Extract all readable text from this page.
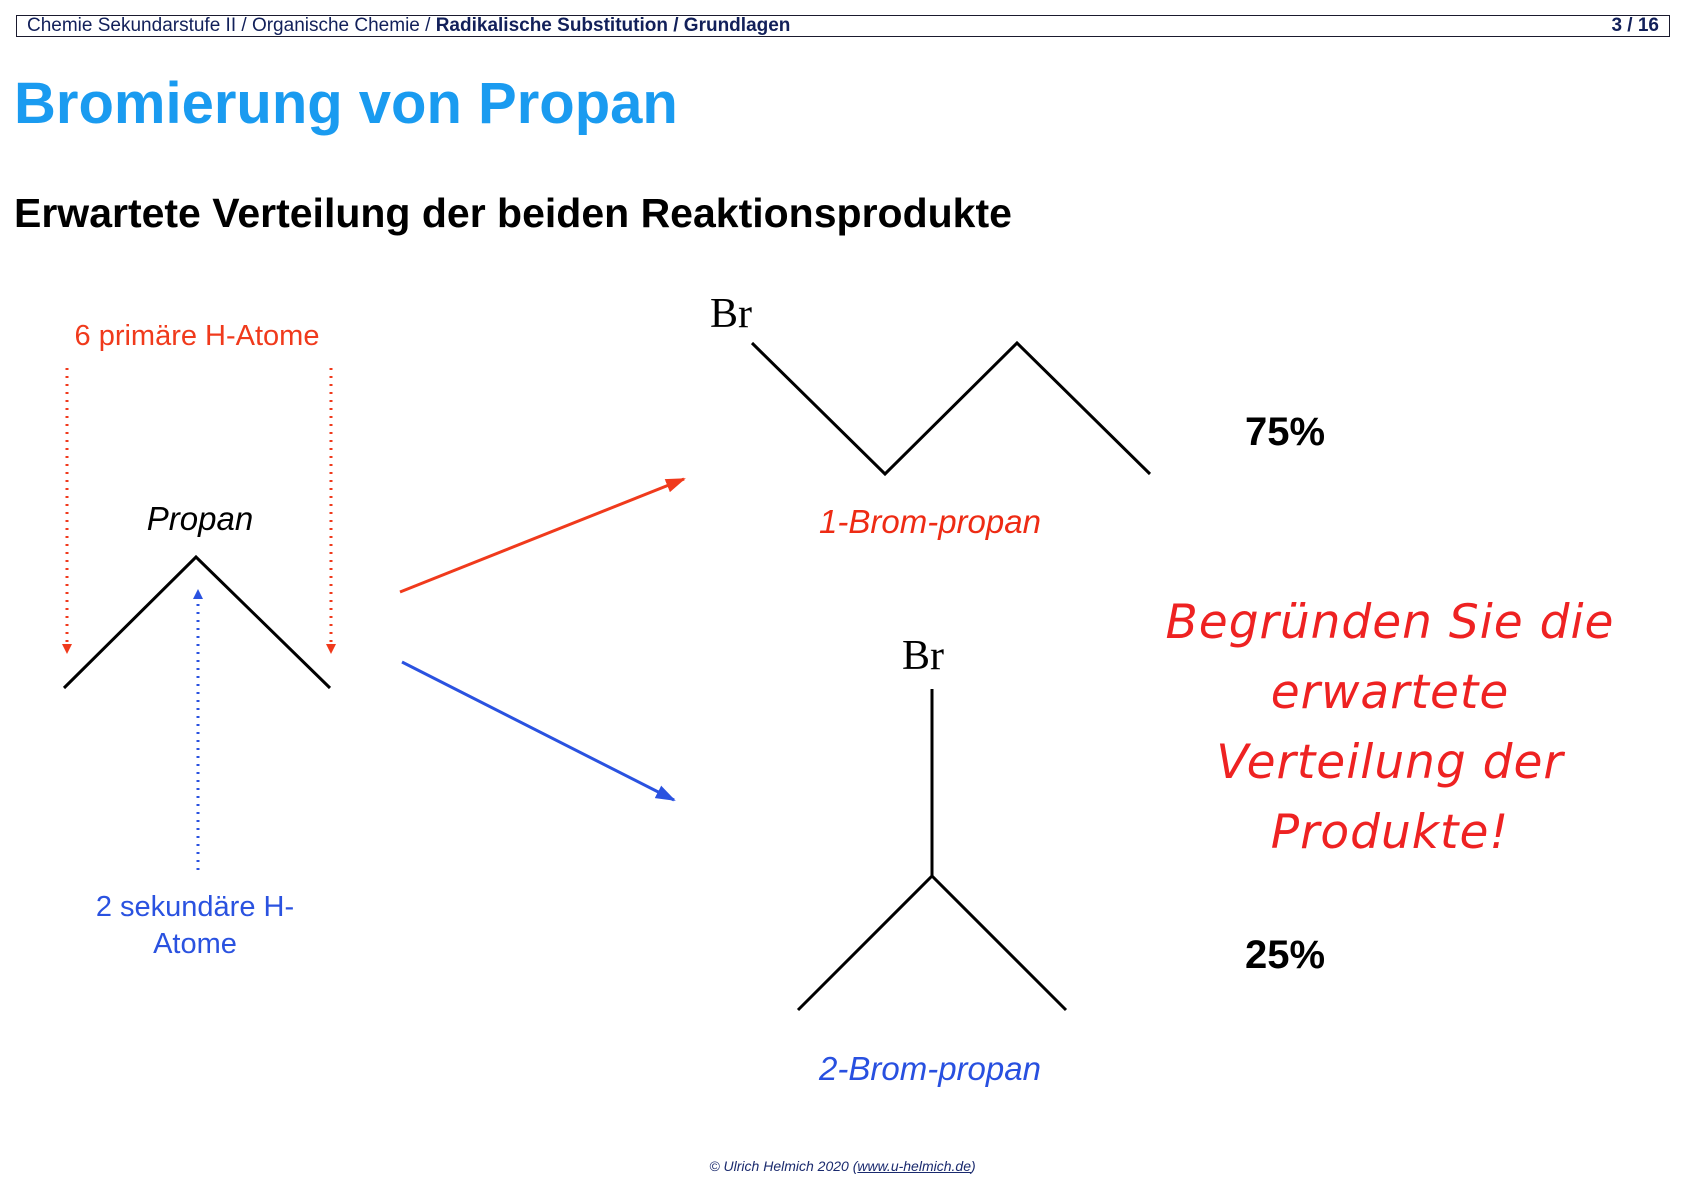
Chemie Sekundarstufe II / Organische Chemie / Radikalische Substitution / Grundlagen	3 / 16
Bromierung von Propan
Erwartete Verteilung der beiden Reaktionsprodukte
6 primäre H-Atome
Propan
2 sekundäre H-Atome
Br
1-Brom-propan
75%
Br
2-Brom-propan
25%
Begründen Sie die erwartete Verteilung der Produkte!
© Ulrich Helmich 2020 (www.u-helmich.de)
